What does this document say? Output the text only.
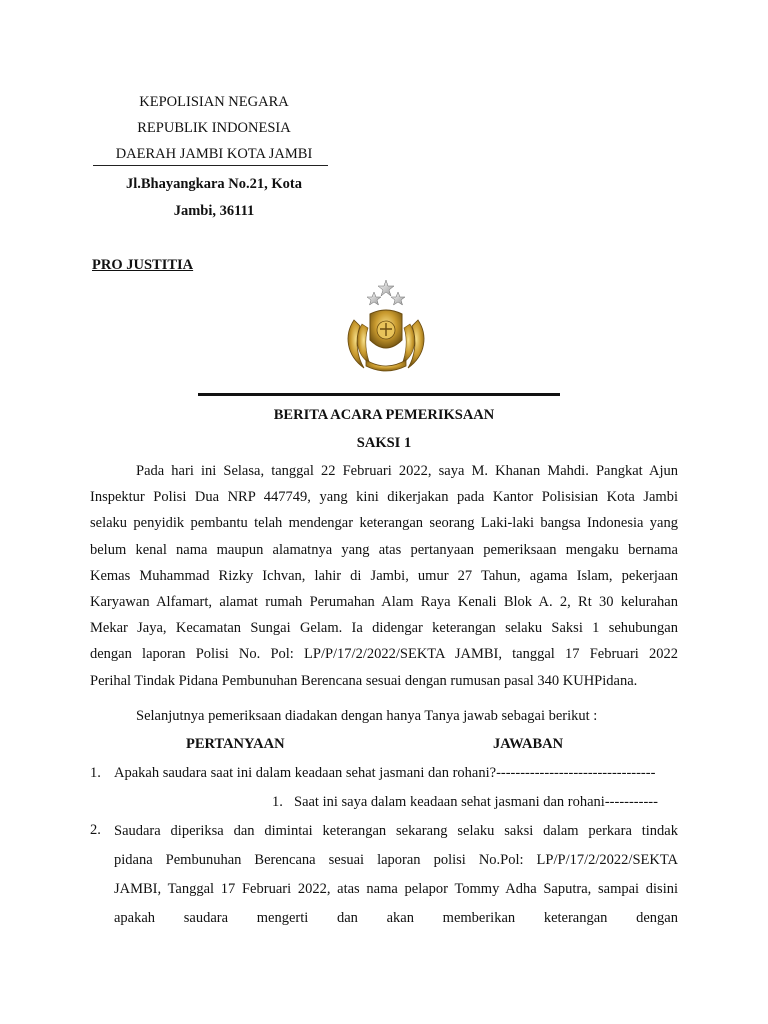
KEPOLISIAN NEGARA
REPUBLIK INDONESIA
DAERAH JAMBI KOTA JAMBI
Jl.Bhayangkara No.21, Kota
Jambi, 36111
PRO JUSTITIA
BERITA ACARA PEMERIKSAAN
SAKSI 1
Pada hari ini Selasa, tanggal 22 Februari 2022, saya M. Khanan Mahdi. Pangkat Ajun
Inspektur Polisi Dua NRP 447749, yang kini dikerjakan pada Kantor Polisisian Kota Jambi
selaku penyidik pembantu telah mendengar keterangan seorang Laki-laki bangsa Indonesia yang
belum kenal nama maupun alamatnya yang atas pertanyaan pemeriksaan mengaku bernama
Kemas Muhammad Rizky Ichvan, lahir di Jambi, umur 27 Tahun, agama Islam, pekerjaan
Karyawan Alfamart, alamat rumah Perumahan Alam Raya Kenali Blok A. 2, Rt 30 kelurahan
Mekar Jaya, Kecamatan Sungai Gelam. Ia didengar keterangan selaku Saksi 1 sehubungan
dengan laporan Polisi No. Pol: LP/P/17/2/2022/SEKTA JAMBI, tanggal 17 Februari 2022
Perihal Tindak Pidana Pembunuhan Berencana sesuai dengan rumusan pasal 340 KUHPidana.
Selanjutnya pemeriksaan diadakan dengan hanya Tanya jawab sebagai berikut :
PERTANYAAN	JAWABAN
1. Apakah saudara saat ini dalam keadaan sehat jasmani dan rohani?---------------------------------
1. Saat ini saya dalam keadaan sehat jasmani dan rohani-----------
2. Saudara diperiksa dan dimintai keterangan sekarang selaku saksi dalam perkara tindak
pidana Pembunuhan Berencana sesuai laporan polisi No.Pol: LP/P/17/2/2022/SEKTA
JAMBI, Tanggal 17 Februari 2022, atas nama pelapor Tommy Adha Saputra, sampai disini
apakah saudara mengerti dan akan memberikan keterangan dengan
